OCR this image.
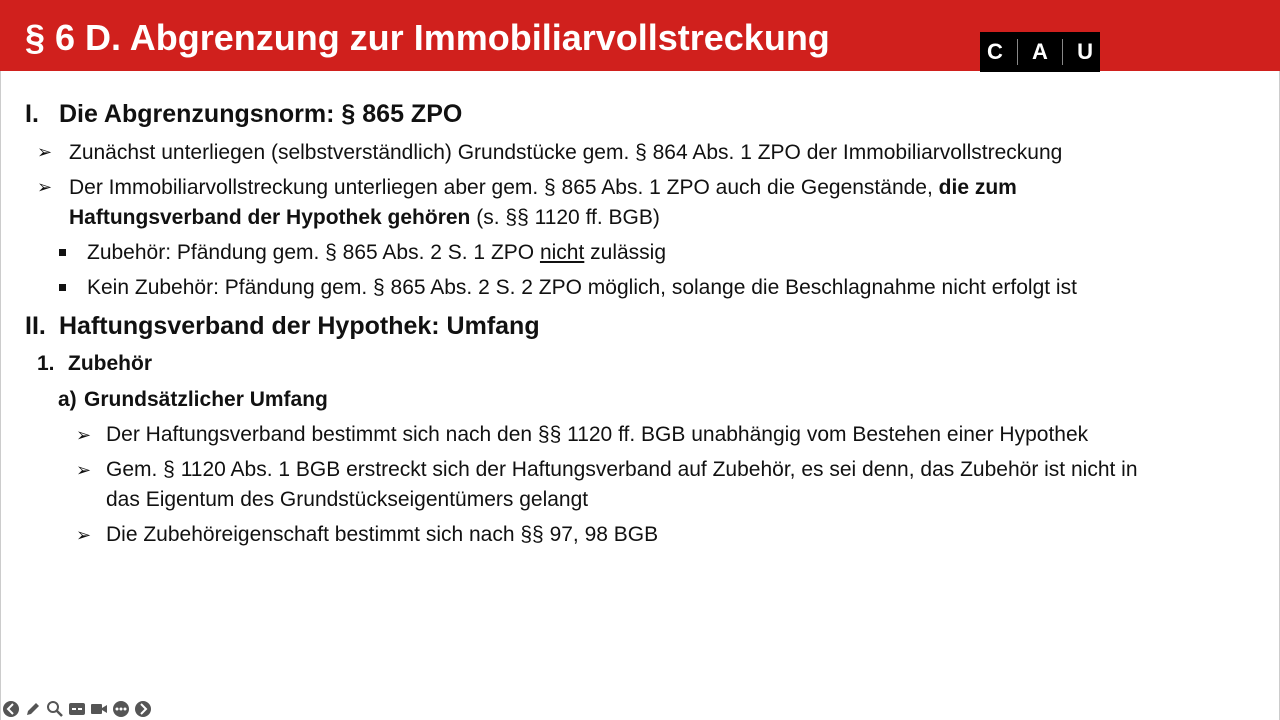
§ 6 D. Abgrenzung zur Immobiliarvollstreckung	C A U
I. Die Abgrenzungsnorm: § 865 ZPO
➢ Zunächst unterliegen (selbstverständlich) Grundstücke gem. § 864 Abs. 1 ZPO der Immobiliarvollstreckung
➢ Der Immobiliarvollstreckung unterliegen aber gem. § 865 Abs. 1 ZPO auch die Gegenstände, die zum
Haftungsverband der Hypothek gehören (s. §§ 1120 ff. BGB)
Zubehör: Pfändung gem. § 865 Abs. 2 S. 1 ZPO nicht zulässig
Kein Zubehör: Pfändung gem. § 865 Abs. 2 S. 2 ZPO möglich, solange die Beschlagnahme nicht erfolgt ist
II. Haftungsverband der Hypothek: Umfang
1. Zubehör
a) Grundsätzlicher Umfang
➢ Der Haftungsverband bestimmt sich nach den §§ 1120 ff. BGB unabhängig vom Bestehen einer Hypothek
➢ Gem. § 1120 Abs. 1 BGB erstreckt sich der Haftungsverband auf Zubehör, es sei denn, das Zubehör ist nicht in
das Eigentum des Grundstückseigentümers gelangt
➢ Die Zubehöreigenschaft bestimmt sich nach §§ 97, 98 BGB
